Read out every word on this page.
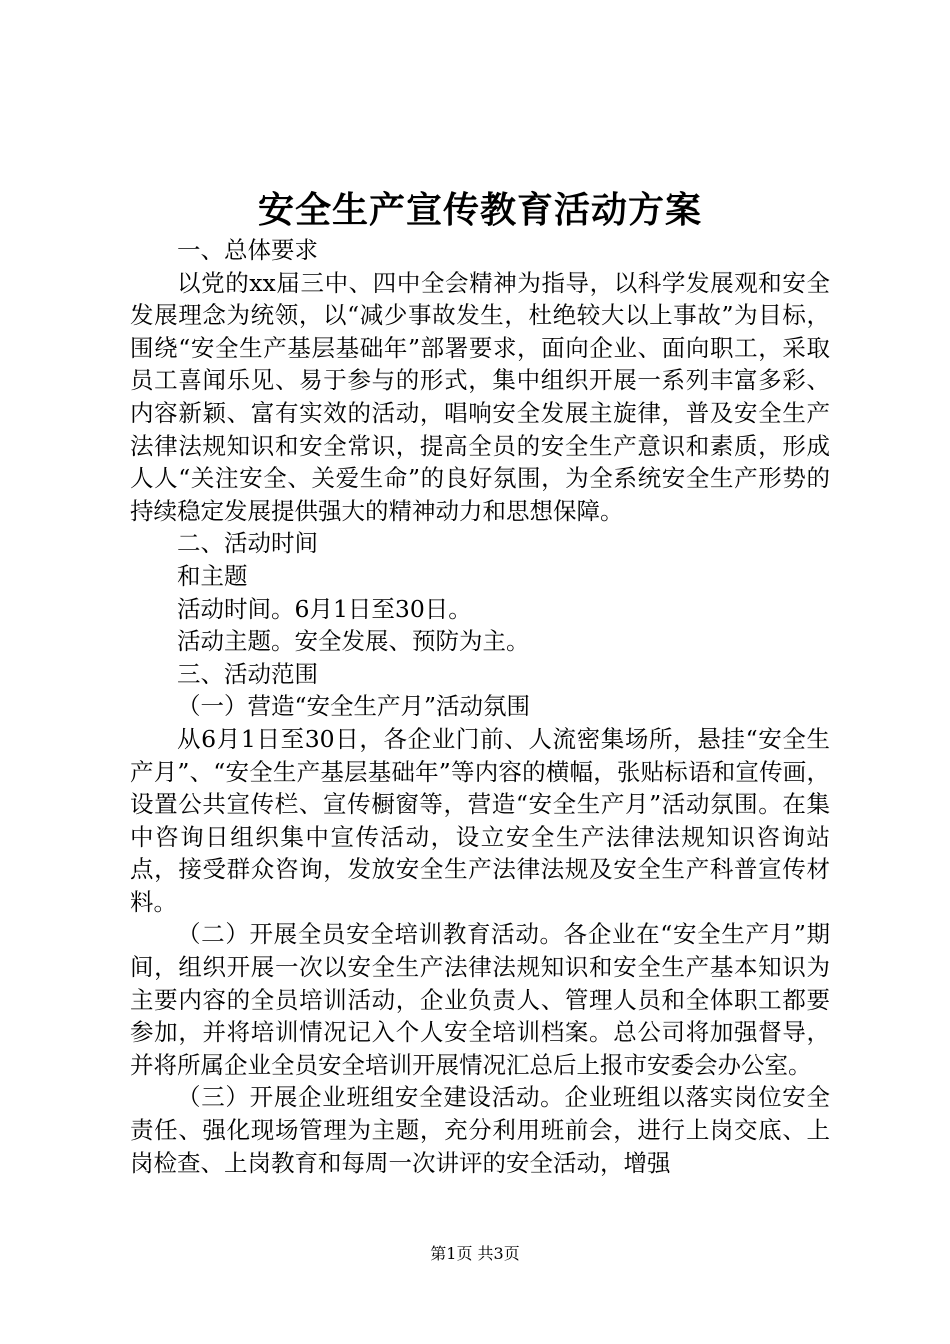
安全生产宣传教育活动方案

一、总体要求

以党的xx届三中、四中全会精神为指导，以科学发展观和安全发展理念为统领，以“减少事故发生，杜绝较大以上事故”为目标，围绕“安全生产基层基础年”部署要求，面向企业、面向职工，采取员工喜闻乐见、易于参与的形式，集中组织开展一系列丰富多彩、内容新颖、富有实效的活动，唱响安全发展主旋律，普及安全生产法律法规知识和安全常识，提高全员的安全生产意识和素质，形成人人“关注安全、关爱生命”的良好氛围，为全系统安全生产形势的持续稳定发展提供强大的精神动力和思想保障。

二、活动时间

和主题

活动时间。6月1日至30日。

活动主题。安全发展、预防为主。

三、活动范围

（一）营造“安全生产月”活动氛围

从6月1日至30日，各企业门前、人流密集场所，悬挂“安全生产月”、“安全生产基层基础年”等内容的横幅，张贴标语和宣传画，设置公共宣传栏、宣传橱窗等，营造“安全生产月”活动氛围。在集中咨询日组织集中宣传活动，设立安全生产法律法规知识咨询站点，接受群众咨询，发放安全生产法律法规及安全生产科普宣传材料。

（二）开展全员安全培训教育活动。各企业在“安全生产月”期间，组织开展一次以安全生产法律法规知识和安全生产基本知识为主要内容的全员培训活动，企业负责人、管理人员和全体职工都要参加，并将培训情况记入个人安全培训档案。总公司将加强督导，并将所属企业全员安全培训开展情况汇总后上报市安委会办公室。

（三）开展企业班组安全建设活动。企业班组以落实岗位安全责任、强化现场管理为主题，充分利用班前会，进行上岗交底、上岗检查、上岗教育和每周一次讲评的安全活动，增强

第1页 共3页
